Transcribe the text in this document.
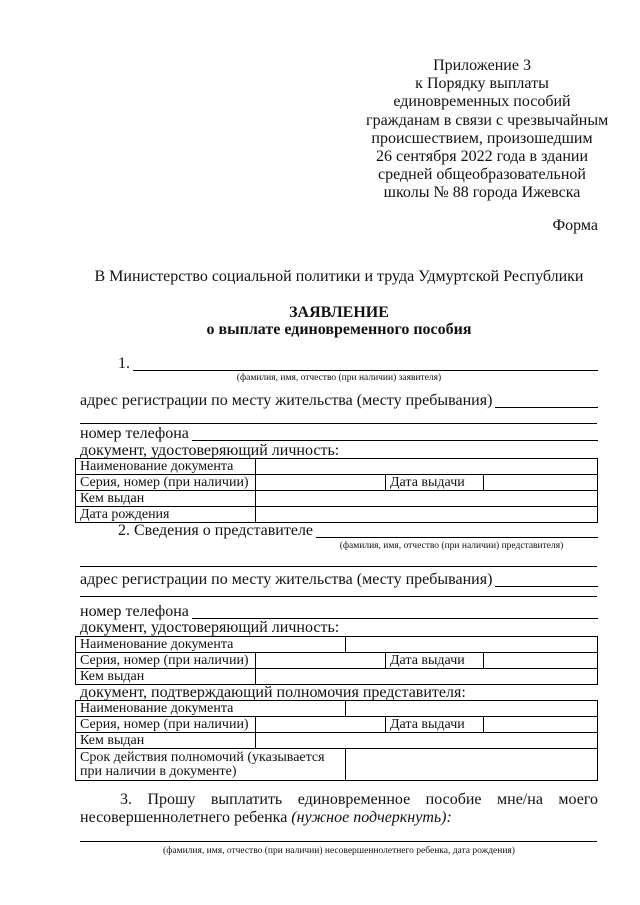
Приложение 3
к Порядку выплаты
единовременных пособий
гражданам в связи с чрезвычайным
происшествием, произошедшим
26 сентября 2022 года в здании
средней общеобразовательной
школы № 88 города Ижевска
Форма
В Министерство социальной политики и труда Удмуртской Республики
ЗАЯВЛЕНИЕ
о выплате единовременного пособия
1.
(фамилия, имя, отчество (при наличии) заявителя)
адрес регистрации по месту жительства (месту пребывания)
номер телефона
документ, удостоверяющий личность:
Наименование документа			
Серия, номер (при наличии)		Дата выдачи	
Кем выдан			
Дата рождения			
2. Сведения о представителе
(фамилия, имя, отчество (при наличии) представителя)
адрес регистрации по месту жительства (месту пребывания)
номер телефона
документ, удостоверяющий личность:
Наименование документа				
Серия, номер (при наличии)			Дата выдачи	
Кем выдан				
документ, подтверждающий полномочия представителя:
Наименование документа				
Серия, номер (при наличии)			Дата выдачи	
Кем выдан				
Срок действия полномочий (указывается при наличии в документе)				

3. Прошу выплатить единовременное пособие мне/на моего несовершеннолетнего ребенка (нужное подчеркнуть):

(фамилия, имя, отчество (при наличии) несовершеннолетнего ребенка, дата рождения)
